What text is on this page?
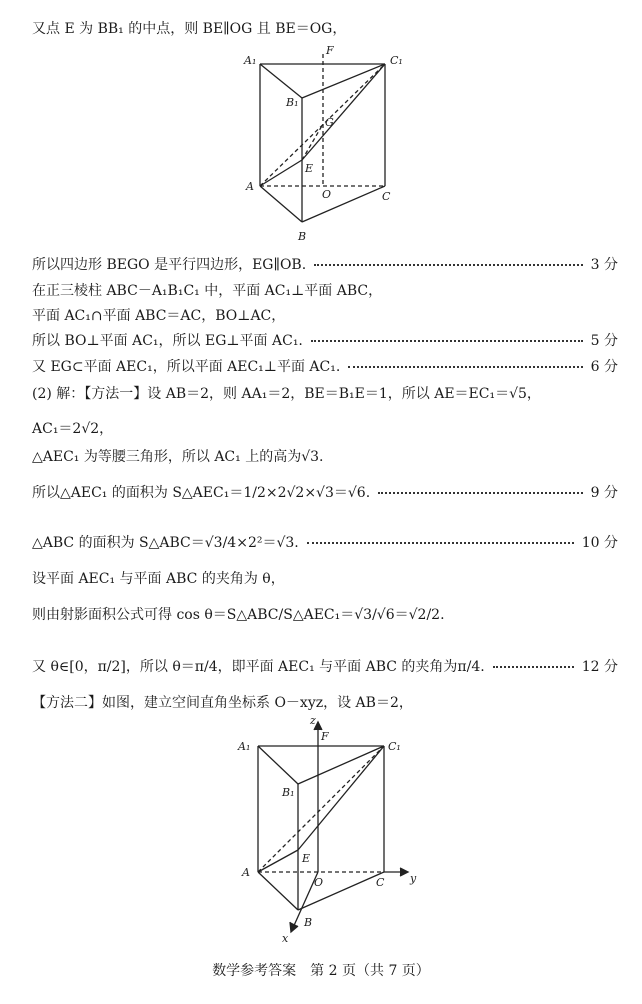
又点 E 为 BB₁ 的中点，则 BE∥OG 且 BE＝OG，
A₁	C₁
B₁
F
G
E
A
O	C
B
所以四边形 BEGO 是平行四边形，EG∥OB.	3 分
在正三棱柱 ABC－A₁B₁C₁ 中，平面 AC₁⊥平面 ABC，
平面 AC₁∩平面 ABC＝AC，BO⊥AC，
所以 BO⊥平面 AC₁，所以 EG⊥平面 AC₁.	5 分
又 EG⊂平面 AEC₁，所以平面 AEC₁⊥平面 AC₁.	6 分
(2) 解：【方法一】设 AB＝2，则 AA₁＝2，BE＝B₁E＝1，所以 AE＝EC₁＝√5，
AC₁＝2√2，
△AEC₁ 为等腰三角形，所以 AC₁ 上的高为√3.
所以△AEC₁ 的面积为 S△AEC₁＝1/2×2√2×√3＝√6.	9 分
△ABC 的面积为 S△ABC＝√3/4×2²＝√3.	10 分
设平面 AEC₁ 与平面 ABC 的夹角为 θ，
则由射影面积公式可得 cos θ＝S△ABC/S△AEC₁＝√3/√6＝√2/2.
又 θ∈[0，π/2]，所以 θ＝π/4，即平面 AEC₁ 与平面 ABC 的夹角为π/4.	12 分
【方法二】如图，建立空间直角坐标系 O－xyz，设 AB＝2，
z
F
A₁	C₁
B₁
E
A
O	C y
B
x
数学参考答案　第 2 页（共 7 页）
